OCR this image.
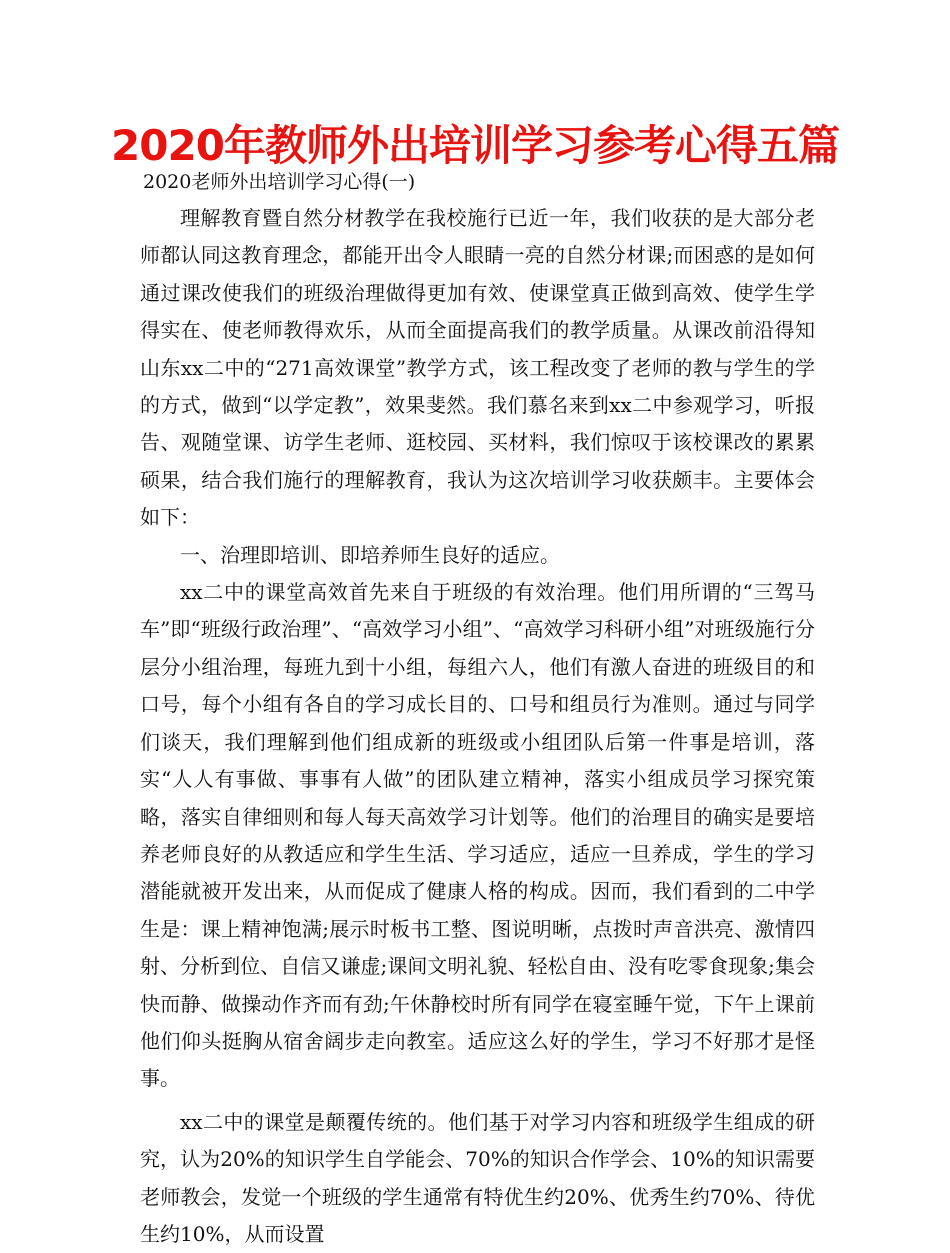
2020年教师外出培训学习参考心得五篇
2020老师外出培训学习心得(一)

理解教育暨自然分材教学在我校施行已近一年，我们收获的是大部分老师都认同这教育理念，都能开出令人眼睛一亮的自然分材课;而困惑的是如何通过课改使我们的班级治理做得更加有效、使课堂真正做到高效、使学生学得实在、使老师教得欢乐，从而全面提高我们的教学质量。从课改前沿得知山东xx二中的“271高效课堂”教学方式，该工程改变了老师的教与学生的学的方式，做到“以学定教”，效果斐然。我们慕名来到xx二中参观学习，听报告、观随堂课、访学生老师、逛校园、买材料，我们惊叹于该校课改的累累硕果，结合我们施行的理解教育，我认为这次培训学习收获颇丰。主要体会如下：

一、治理即培训、即培养师生良好的适应。

xx二中的课堂高效首先来自于班级的有效治理。他们用所谓的“三驾马车”即“班级行政治理”、“高效学习小组”、“高效学习科研小组”对班级施行分层分小组治理，每班九到十小组，每组六人，他们有激人奋进的班级目的和口号，每个小组有各自的学习成长目的、口号和组员行为准则。通过与同学们谈天，我们理解到他们组成新的班级或小组团队后第一件事是培训，落实“人人有事做、事事有人做”的团队建立精神，落实小组成员学习探究策略，落实自律细则和每人每天高效学习计划等。他们的治理目的确实是要培养老师良好的从教适应和学生生活、学习适应，适应一旦养成，学生的学习潜能就被开发出来，从而促成了健康人格的构成。因而，我们看到的二中学生是：课上精神饱满;展示时板书工整、图说明晰，点拨时声音洪亮、激情四射、分析到位、自信又谦虚;课间文明礼貌、轻松自由、没有吃零食现象;集会快而静、做操动作齐而有劲;午休静校时所有同学在寝室睡午觉，下午上课前他们仰头挺胸从宿舍阔步走向教室。适应这么好的学生，学习不好那才是怪事。

xx二中的课堂是颠覆传统的。他们基于对学习内容和班级学生组成的研究，认为20%的知识学生自学能会、70%的知识合作学会、10%的知识需要老师教会，发觉一个班级的学生通常有特优生约20%、优秀生约70%、待优生约10%，从而设置
